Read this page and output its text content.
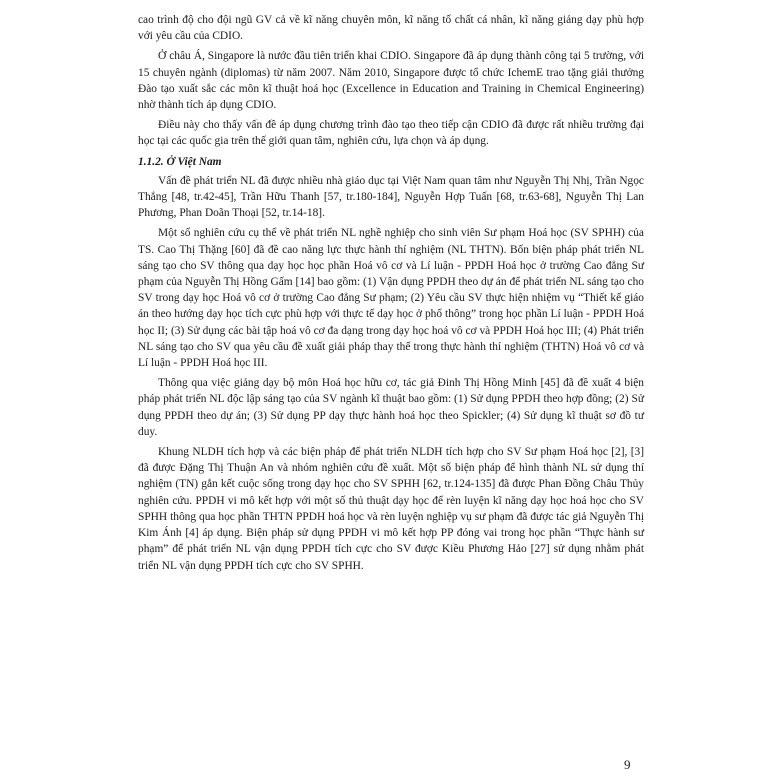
cao trình độ cho đội ngũ GV cả về kĩ năng chuyên môn, kĩ năng tố chất cá nhân, kĩ năng giảng dạy phù hợp với yêu cầu của CDIO.

Ở châu Á, Singapore là nước đầu tiên triển khai CDIO. Singapore đã áp dụng thành công tại 5 trường, với 15 chuyên ngành (diplomas) từ năm 2007. Năm 2010, Singapore được tổ chức IchemE trao tặng giải thưởng Đào tạo xuất sắc các môn kĩ thuật hoá học (Excellence in Education and Training in Chemical Engineering) nhờ thành tích áp dụng CDIO.

Điều này cho thấy vấn đề áp dụng chương trình đào tạo theo tiếp cận CDIO đã được rất nhiều trường đại học tại các quốc gia trên thế giới quan tâm, nghiên cứu, lựa chọn và áp dụng.

1.1.2. Ở Việt Nam

Vấn đề phát triển NL đã được nhiều nhà giáo dục tại Việt Nam quan tâm như Nguyễn Thị Nhị, Trần Ngọc Thắng [48, tr.42-45], Trần Hữu Thanh [57, tr.180-184], Nguyễn Hợp Tuấn [68, tr.63-68], Nguyễn Thị Lan Phương, Phan Doãn Thoại [52, tr.14-18].

Một số nghiên cứu cụ thể về phát triển NL nghề nghiệp cho sinh viên Sư phạm Hoá học (SV SPHH) của TS. Cao Thị Thặng [60] đã đề cao năng lực thực hành thí nghiệm (NL THTN). Bốn biện pháp phát triển NL sáng tạo cho SV thông qua dạy học học phần Hoá vô cơ và Lí luận - PPDH Hoá học ở trường Cao đẳng Sư phạm của Nguyễn Thị Hồng Gấm [14] bao gồm: (1) Vận dụng PPDH theo dự án để phát triển NL sáng tạo cho SV trong dạy học Hoá vô cơ ở trường Cao đẳng Sư phạm; (2) Yêu cầu SV thực hiện nhiệm vụ “Thiết kế giáo án theo hướng dạy học tích cực phù hợp với thực tế dạy học ở phổ thông” trong học phần Lí luận - PPDH Hoá học II; (3) Sử dụng các bài tập hoá vô cơ đa dạng trong dạy học hoá vô cơ và PPDH Hoá học III; (4) Phát triển NL sáng tạo cho SV qua yêu cầu đề xuất giải pháp thay thế trong thực hành thí nghiệm (THTN) Hoá vô cơ và Lí luận - PPDH Hoá học III.

Thông qua việc giảng dạy bộ môn Hoá học hữu cơ, tác giả Đinh Thị Hồng Minh [45] đã đề xuất 4 biện pháp phát triển NL độc lập sáng tạo của SV ngành kĩ thuật bao gồm: (1) Sử dụng PPDH theo hợp đồng; (2) Sử dụng PPDH theo dự án; (3) Sử dụng PP dạy thực hành hoá học theo Spickler; (4) Sử dụng kĩ thuật sơ đồ tư duy.

Khung NLDH tích hợp và các biện pháp để phát triển NLDH tích hợp cho SV Sư phạm Hoá học [2], [3] đã được Đặng Thị Thuận An và nhóm nghiên cứu đề xuất. Một số biện pháp để hình thành NL sử dụng thí nghiệm (TN) gắn kết cuộc sống trong dạy học cho SV SPHH [62, tr.124-135] đã được Phan Đồng Châu Thủy nghiên cứu. PPDH vi mô kết hợp với một số thủ thuật dạy học để rèn luyện kĩ năng dạy học hoá học cho SV SPHH thông qua học phần THTN PPDH hoá học và rèn luyện nghiệp vụ sư phạm đã được tác giả Nguyễn Thị Kim Ánh [4] áp dụng. Biện pháp sử dụng PPDH vi mô kết hợp PP đóng vai trong học phần “Thực hành sư phạm” để phát triển NL vận dụng PPDH tích cực cho SV được Kiều Phương Hảo [27] sử dụng nhằm phát triển NL vận dụng PPDH tích cực cho SV SPHH.

9
